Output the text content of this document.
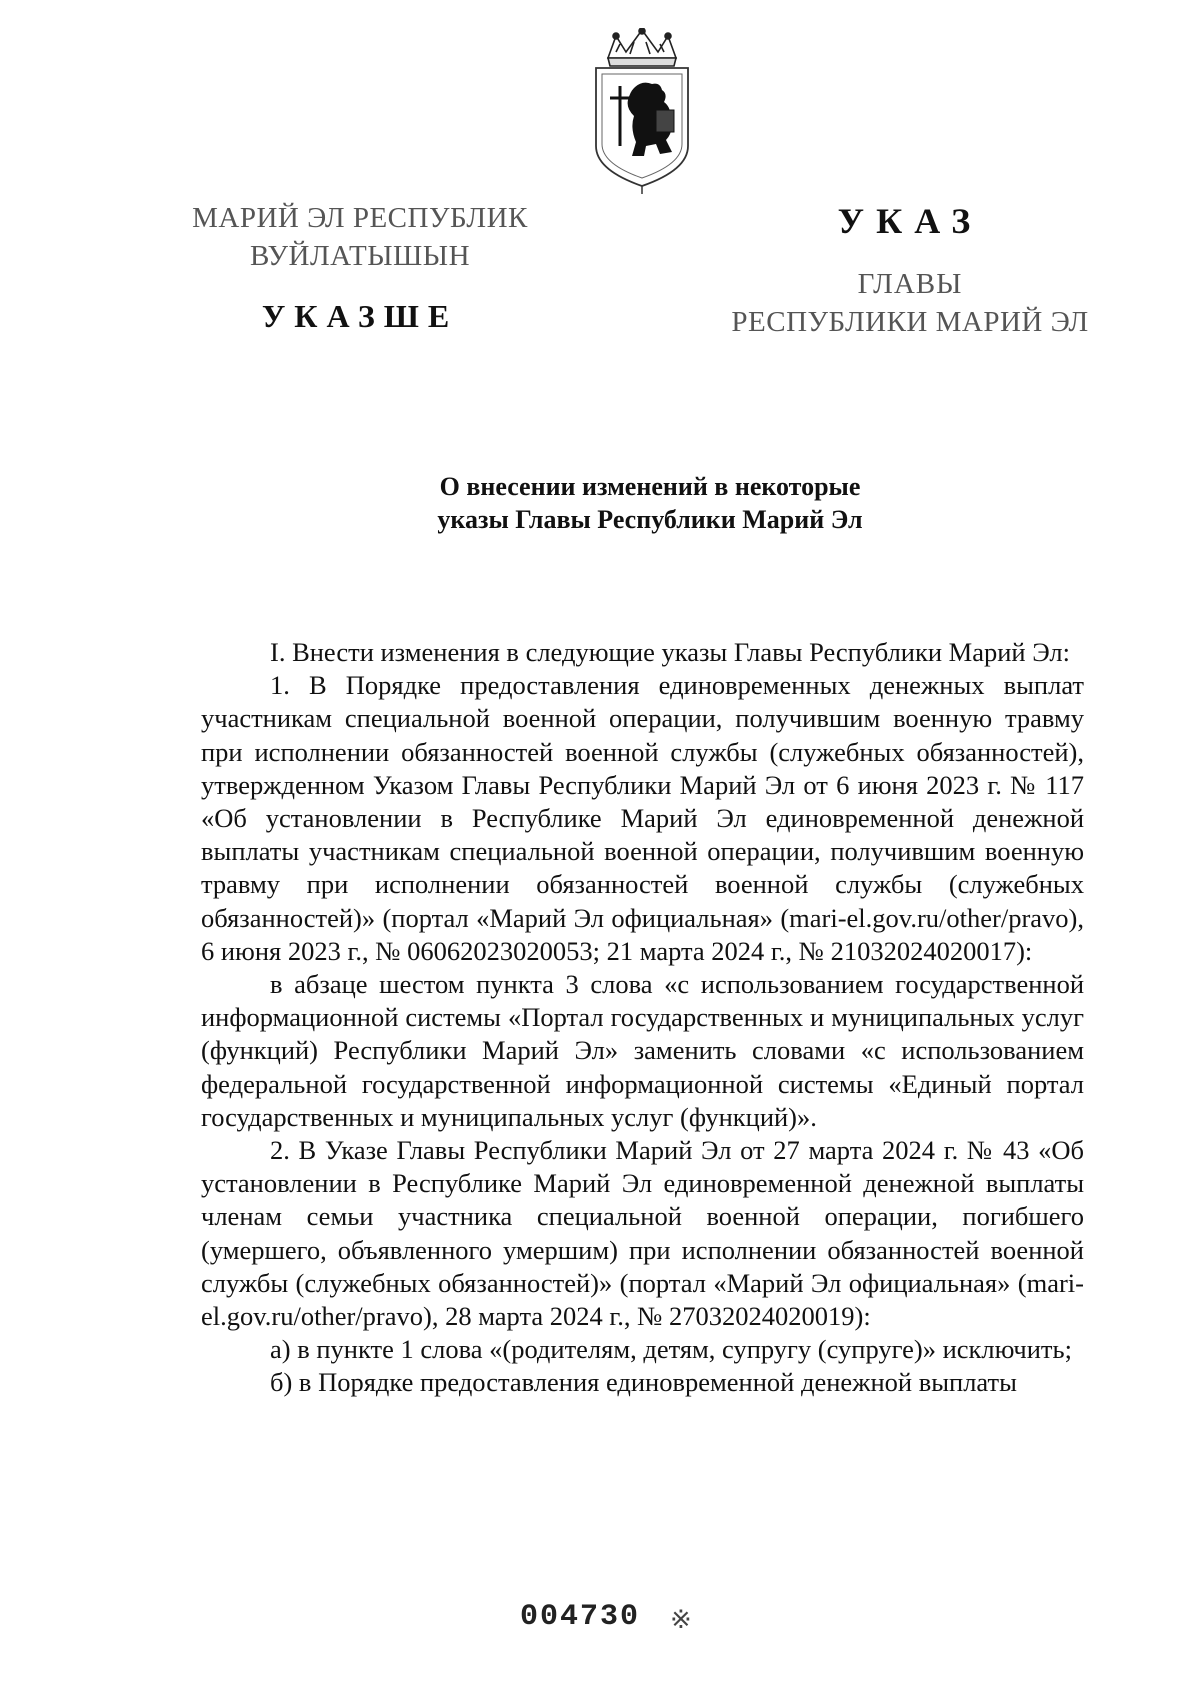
МАРИЙ ЭЛ РЕСПУБЛИК
ВУЙЛАТЫШЫН
УКАЗШЕ
УКАЗ
ГЛАВЫ
РЕСПУБЛИКИ МАРИЙ ЭЛ
О внесении изменений в некоторые
указы Главы Республики Марий Эл

I. Внести изменения в следующие указы Главы Республики Марий Эл:

1. В Порядке предоставления единовременных денежных выплат участникам специальной военной операции, получившим военную травму при исполнении обязанностей военной службы (служебных обязанностей), утвержденном Указом Главы Республики Марий Эл от 6 июня 2023 г. № 117 «Об установлении в Республике Марий Эл единовременной денежной выплаты участникам специальной военной операции, получившим военную травму при исполнении обязанностей военной службы (служебных обязанностей)» (портал «Марий Эл официальная» (mari-el.gov.ru/other/pravo), 6 июня 2023 г., № 06062023020053; 21 марта 2024 г., № 21032024020017):

в абзаце шестом пункта 3 слова «с использованием государственной информационной системы «Портал государственных и муниципальных услуг (функций) Республики Марий Эл» заменить словами «с использованием федеральной государственной информационной системы «Единый портал государственных и муниципальных услуг (функций)».

2. В Указе Главы Республики Марий Эл от 27 марта 2024 г. № 43 «Об установлении в Республике Марий Эл единовременной денежной выплаты членам семьи участника специальной военной операции, погибшего (умершего, объявленного умершим) при исполнении обязанностей военной службы (служебных обязанностей)» (портал «Марий Эл официальная» (mari-el.gov.ru/other/pravo), 28 марта 2024 г., № 27032024020019):

а) в пункте 1 слова «(родителям, детям, супругу (супруге)» исключить;

б) в Порядке предоставления единовременной денежной выплаты

004730 ※
